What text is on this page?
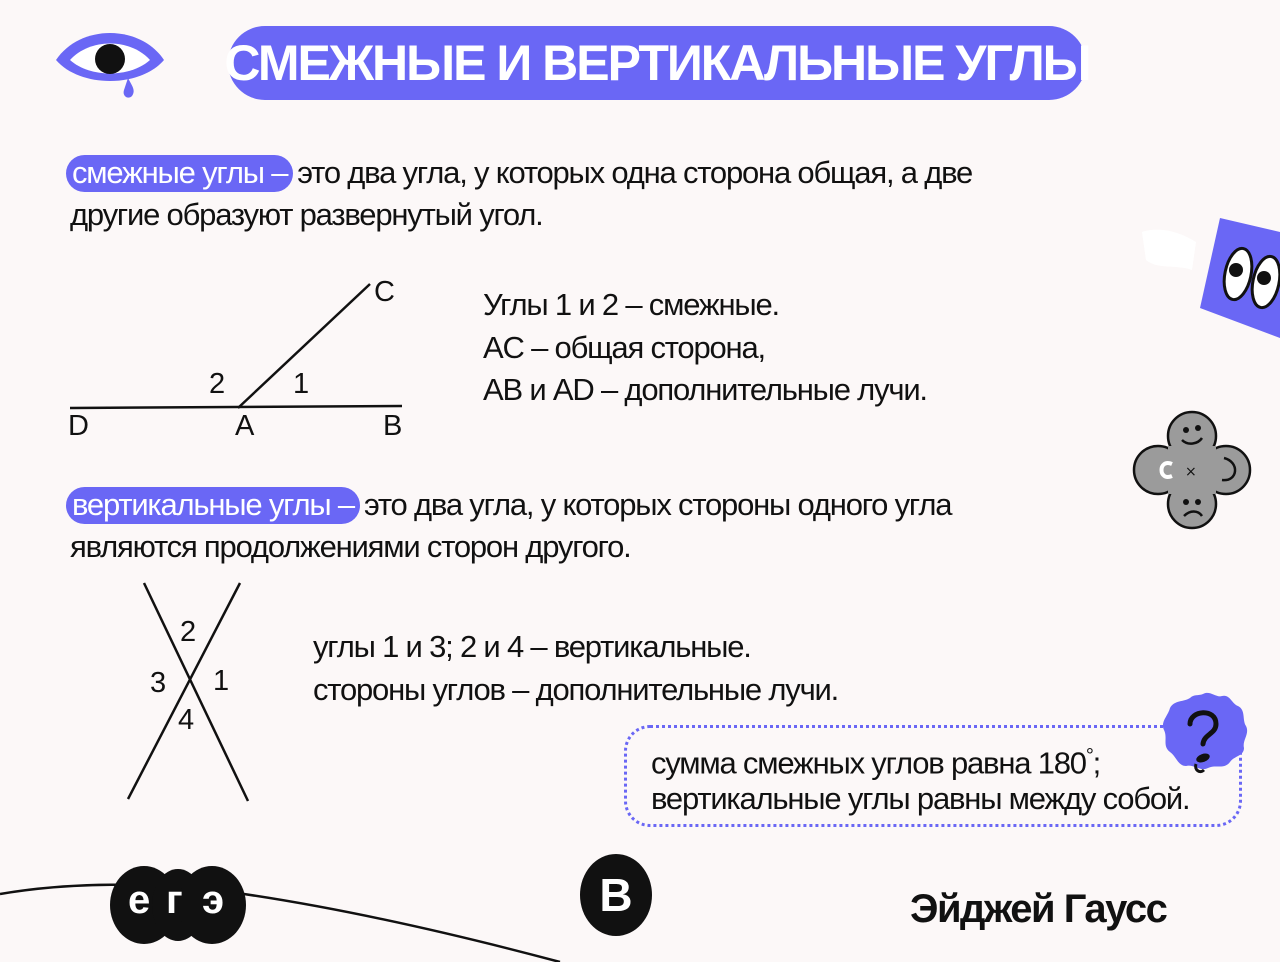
СМЕЖНЫЕ И ВЕРТИКАЛЬНЫЕ УГЛЫ
смежные углы – это два угла, у которых одна сторона общая, а две
другие образуют развернутый угол.
C
2 1
D	A	B
Углы 1 и 2 – смежные.
AC – общая сторона,
AB и AD – дополнительные лучи.
вертикальные углы – это два угла, у которых стороны одного угла
являются продолжениями сторон другого.
2
3 1
4
углы 1 и 3; 2 и 4 – вертикальные.
стороны углов – дополнительные лучи.
сумма смежных углов равна 180°;
вертикальные углы равны между собой.
×
е г э	В	Эйджей Гаусс
